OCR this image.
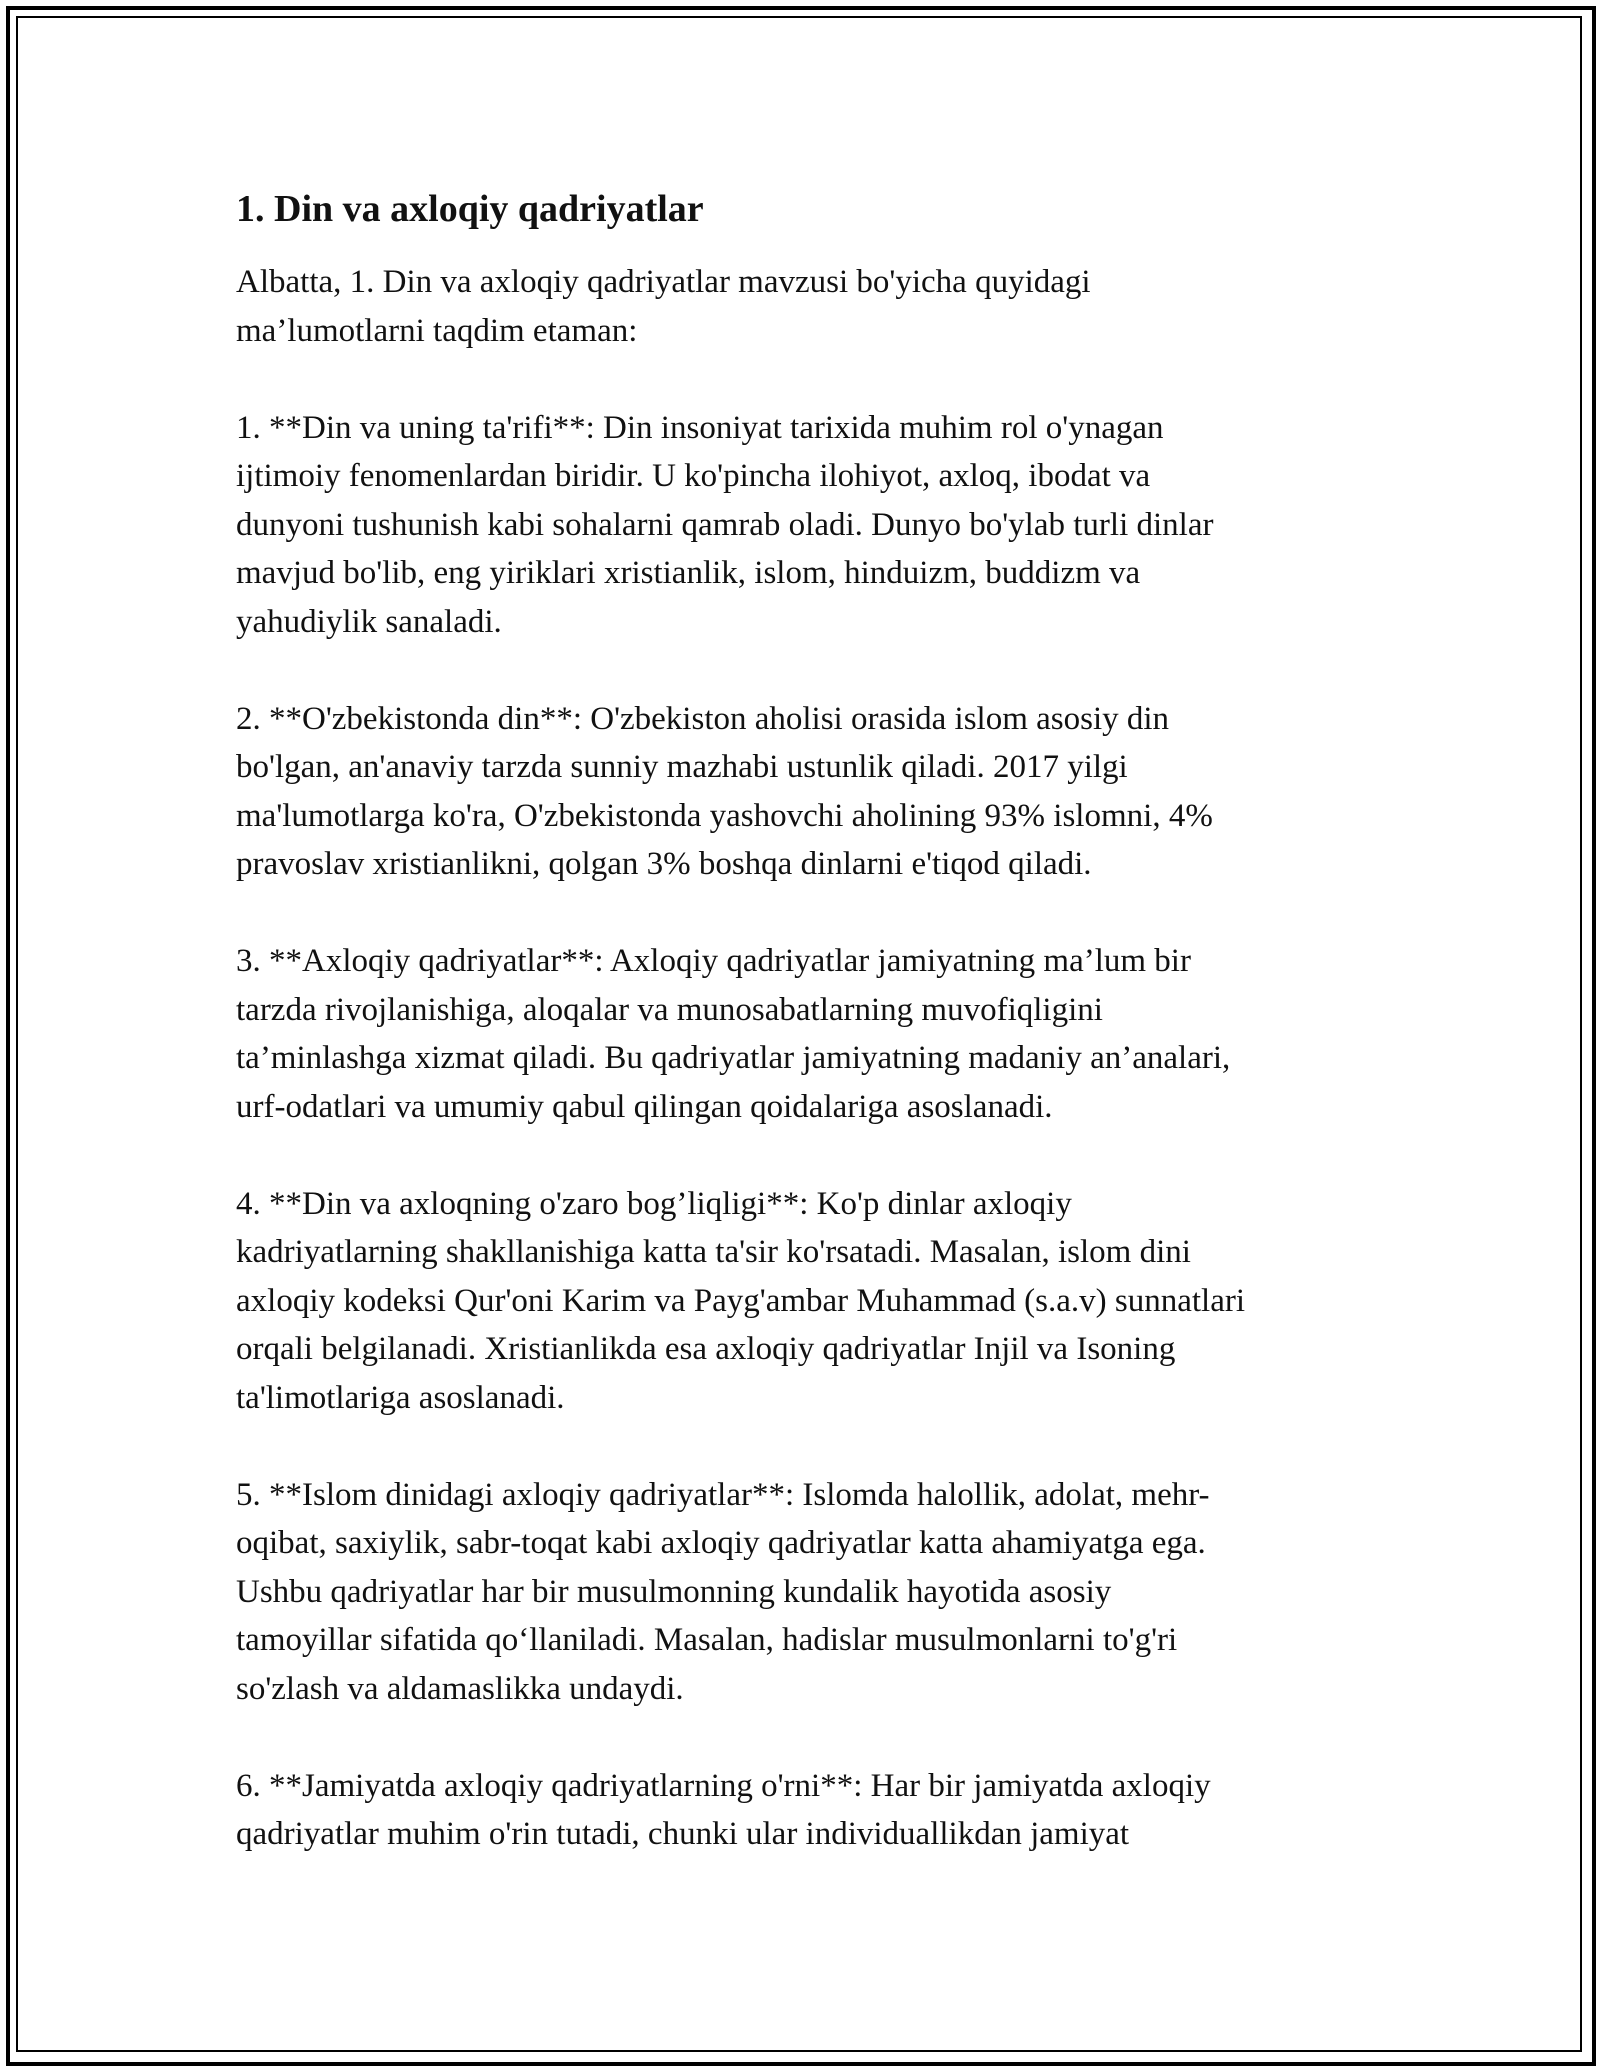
1. Din va axloqiy qadriyatlar

Albatta, 1. Din va axloqiy qadriyatlar mavzusi bo'yicha quyidagi
ma’lumotlarni taqdim etaman:

1. **Din va uning ta'rifi**: Din insoniyat tarixida muhim rol o'ynagan
ijtimoiy fenomenlardan biridir. U ko'pincha ilohiyot, axloq, ibodat va
dunyoni tushunish kabi sohalarni qamrab oladi. Dunyo bo'ylab turli dinlar
mavjud bo'lib, eng yiriklari xristianlik, islom, hinduizm, buddizm va
yahudiylik sanaladi.

2. **O'zbekistonda din**: O'zbekiston aholisi orasida islom asosiy din
bo'lgan, an'anaviy tarzda sunniy mazhabi ustunlik qiladi. 2017 yilgi
ma'lumotlarga ko'ra, O'zbekistonda yashovchi aholining 93% islomni, 4%
pravoslav xristianlikni, qolgan 3% boshqa dinlarni e'tiqod qiladi.

3. **Axloqiy qadriyatlar**: Axloqiy qadriyatlar jamiyatning ma’lum bir
tarzda rivojlanishiga, aloqalar va munosabatlarning muvofiqligini
ta’minlashga xizmat qiladi. Bu qadriyatlar jamiyatning madaniy an’analari,
urf-odatlari va umumiy qabul qilingan qoidalariga asoslanadi.

4. **Din va axloqning o'zaro bog’liqligi**: Ko'p dinlar axloqiy
kadriyatlarning shakllanishiga katta ta'sir ko'rsatadi. Masalan, islom dini
axloqiy kodeksi Qur'oni Karim va Payg'ambar Muhammad (s.a.v) sunnatlari
orqali belgilanadi. Xristianlikda esa axloqiy qadriyatlar Injil va Isoning
ta'limotlariga asoslanadi.

5. **Islom dinidagi axloqiy qadriyatlar**: Islomda halollik, adolat, mehr-
oqibat, saxiylik, sabr-toqat kabi axloqiy qadriyatlar katta ahamiyatga ega.
Ushbu qadriyatlar har bir musulmonning kundalik hayotida asosiy
tamoyillar sifatida qo‘llaniladi. Masalan, hadislar musulmonlarni to'g'ri
so'zlash va aldamaslikka undaydi.

6. **Jamiyatda axloqiy qadriyatlarning o'rni**: Har bir jamiyatda axloqiy
qadriyatlar muhim o'rin tutadi, chunki ular individuallikdan jamiyat
